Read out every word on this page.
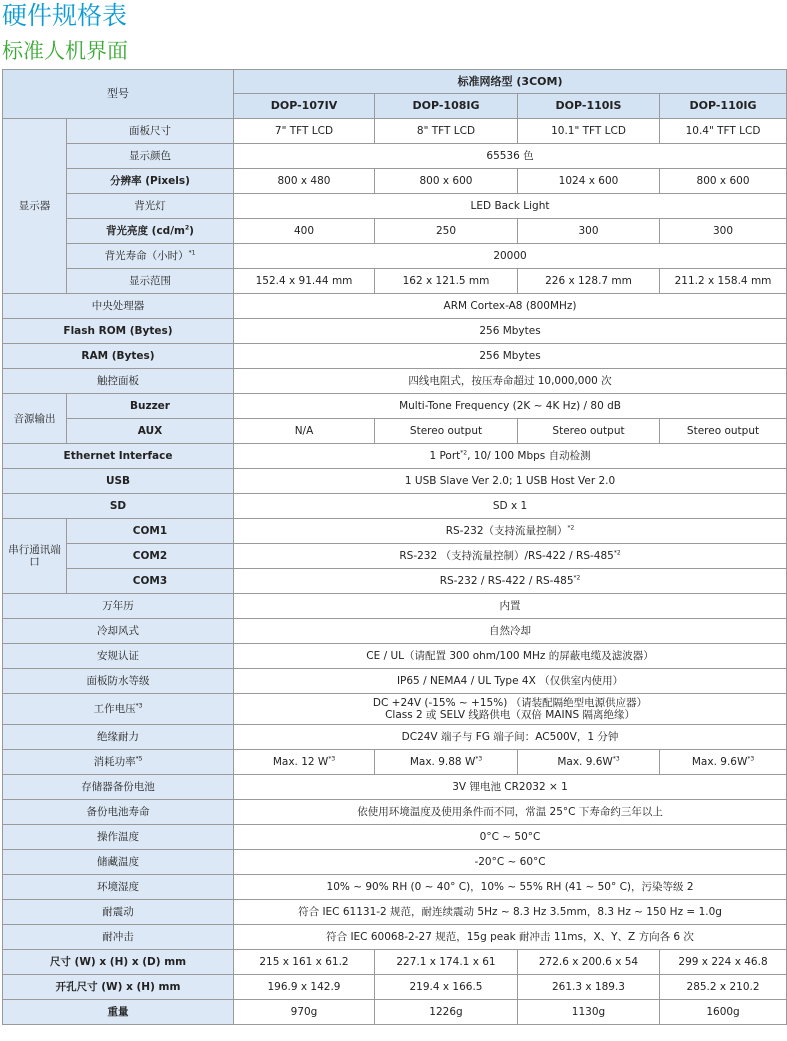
硬件规格表
标准人机界面
型号		标准网络型 (3COM)			
		DOP-107IV	DOP-108IG	DOP-110IS	DOP-110IG
显示器	面板尺寸	7" TFT LCD	8" TFT LCD	10.1" TFT LCD	10.4" TFT LCD
	显示颜色	65536 色			
	分辨率 (Pixels)	800 x 480	800 x 600	1024 x 600	800 x 600
	背光灯	LED Back Light			
	背光亮度 $(cd/m^2)$	400	250	300	300
	背光寿命（小时）$^{*1}$	20000			
	显示范围	152.4 x 91.44 mm	162 x 121.5 mm	226 x 128.7 mm	211.2 x 158.4 mm
中央处理器		ARM Cortex-A8 (800MHz)			
Flash ROM (Bytes)		256 Mbytes			
RAM (Bytes)		256 Mbytes			
触控面板		四线电阻式，按压寿命超过 10,000,000 次			
音源输出	Buzzer	Multi-Tone Frequency (2K ~ 4K Hz) / 80 dB			
	AUX	N/A	Stereo output	Stereo output	Stereo output
Ethernet Interface		1 Port$^{*2}$, 10/ 100 Mbps 自动检测			
USB		1 USB Slave Ver 2.0; 1 USB Host Ver 2.0			
SD		SD x 1			
串行通讯端口	COM1	RS-232（支持流量控制）$^{*2}$
	COM2	RS-232 （支持流量控制）/RS-422 / RS-485$^{*2}$
	COM3	RS-232 / RS-422 / RS-485$^{*2}$
万年历		内置			
冷却风式		自然冷却			
安规认证		CE / UL（请配置 300 ohm/100 MHz 的屏蔽电缆及滤波器）			
面板防水等级		IP65 / NEMA4 / UL Type 4X （仅供室内使用）			
工作电压$^{*3}$		DC +24V (-15% ~ +15%) （请装配隔绝型电源供应器）
Class 2 或 SELV 线路供电（双倍 MAINS 隔离绝缘）			

绝缘耐力		DC24V 端子与 FG 端子间：AC500V，1 分钟			
消耗功率$^{*5}$		Max. 12 $W^{*3}$	Max. 9.88 $W^{*3}$	Max. $9.6W^{*3}$	Max. $9.6W^{*3}$
存储器备份电池		3V 锂电池 CR2032 × 1			
备份电池寿命		依使用环境温度及使用条件而不同，常温 25°C 下寿命约三年以上			
操作温度		0°C ~ 50°C			
储藏温度		-20°C ~ 60°C			
环境湿度		10% ~ 90% RH (0 ~ 40° C)，10% ~ 55% RH (41 ~ 50° C)，污染等级 2			
耐震动		符合 IEC 61131-2 规范，耐连续震动 5Hz ~ 8.3 Hz 3.5mm，8.3 Hz ~ 150 Hz = 1.0g			
耐冲击		符合 IEC 60068-2-27 规范，15g peak 耐冲击 11ms，X、Y、Z 方向各 6 次			
尺寸 (W) x (H) x (D) mm		215 x 161 x 61.2	227.1 x 174.1 x 61	272.6 x 200.6 x 54	299 x 224 x 46.8
开孔尺寸 (W) x (H) mm		196.9 x 142.9	219.4 x 166.5	261.3 x 189.3	285.2 x 210.2
重量		970g	1226g	1130g	1600g
